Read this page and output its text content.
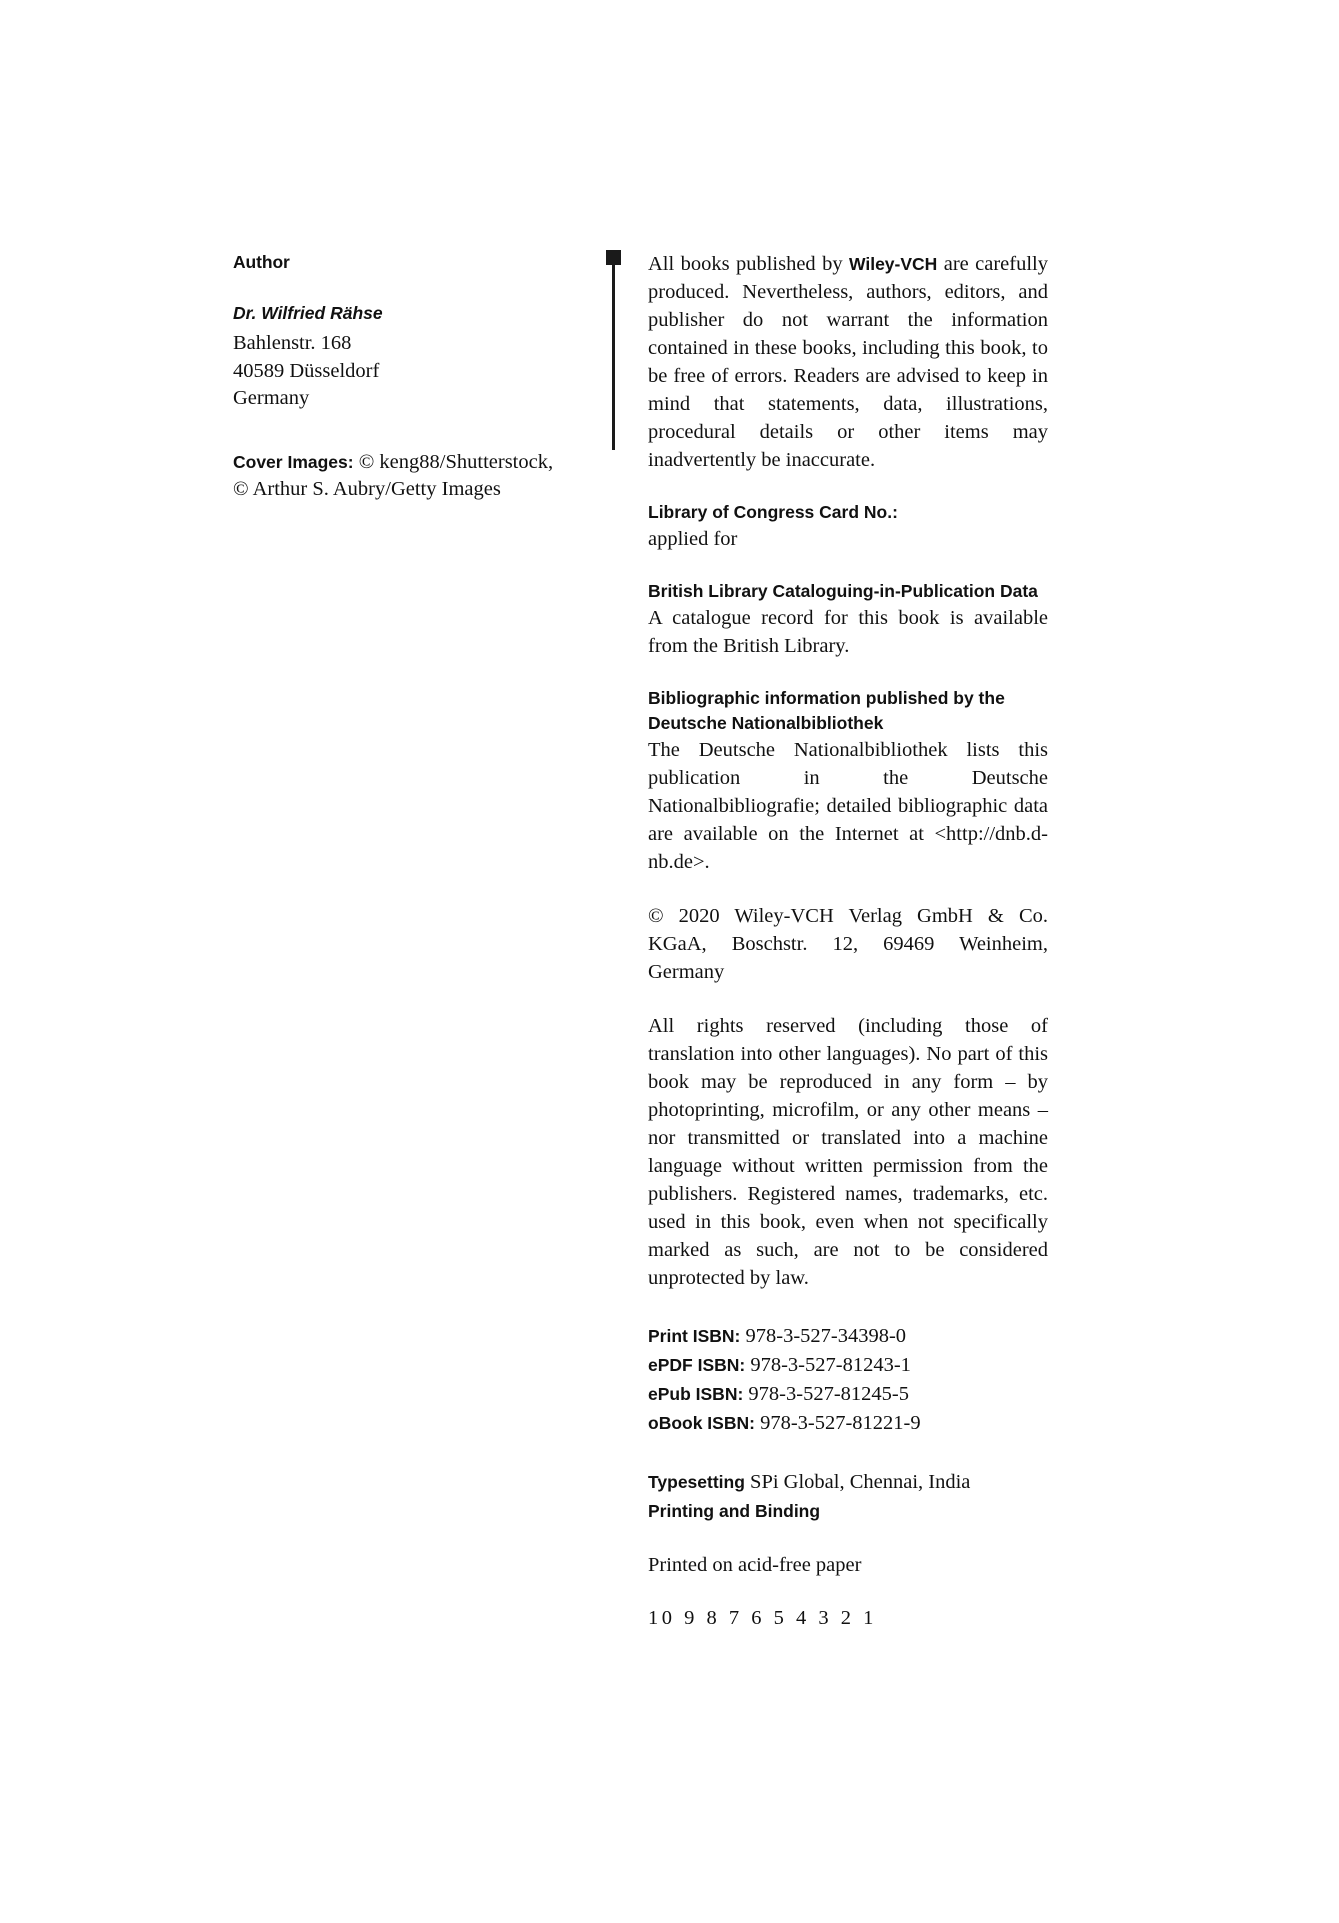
Author
Dr. Wilfried Rähse
Bahlenstr. 168
40589 Düsseldorf
Germany
Cover Images: © keng88/Shutterstock,
© Arthur S. Aubry/Getty Images

All books published by Wiley-VCH are carefully produced. Nevertheless, authors, editors, and publisher do not warrant the information contained in these books, including this book, to be free of errors. Readers are advised to keep in mind that statements, data, illustrations, procedural details or other items may inadvertently be inaccurate.

Library of Congress Card No.:

applied for

British Library Cataloguing-in-Publication Data

A catalogue record for this book is available from the British Library.

Bibliographic information published by the Deutsche Nationalbibliothek

The Deutsche Nationalbibliothek lists this publication in the Deutsche Nationalbibliografie; detailed bibliographic data are available on the Internet at <http://dnb.d-nb.de>.

© 2020 Wiley-VCH Verlag GmbH & Co. KGaA, Boschstr. 12, 69469 Weinheim, Germany

All rights reserved (including those of translation into other languages). No part of this book may be reproduced in any form – by photoprinting, microfilm, or any other means – nor transmitted or translated into a machine language without written permission from the publishers. Registered names, trademarks, etc. used in this book, even when not specifically marked as such, are not to be considered unprotected by law.

Print ISBN: 978-3-527-34398-0
ePDF ISBN: 978-3-527-81243-1
ePub ISBN: 978-3-527-81245-5
oBook ISBN: 978-3-527-81221-9
Typesetting SPi Global, Chennai, India
Printing and Binding
Printed on acid-free paper
10 9 8 7 6 5 4 3 2 1
